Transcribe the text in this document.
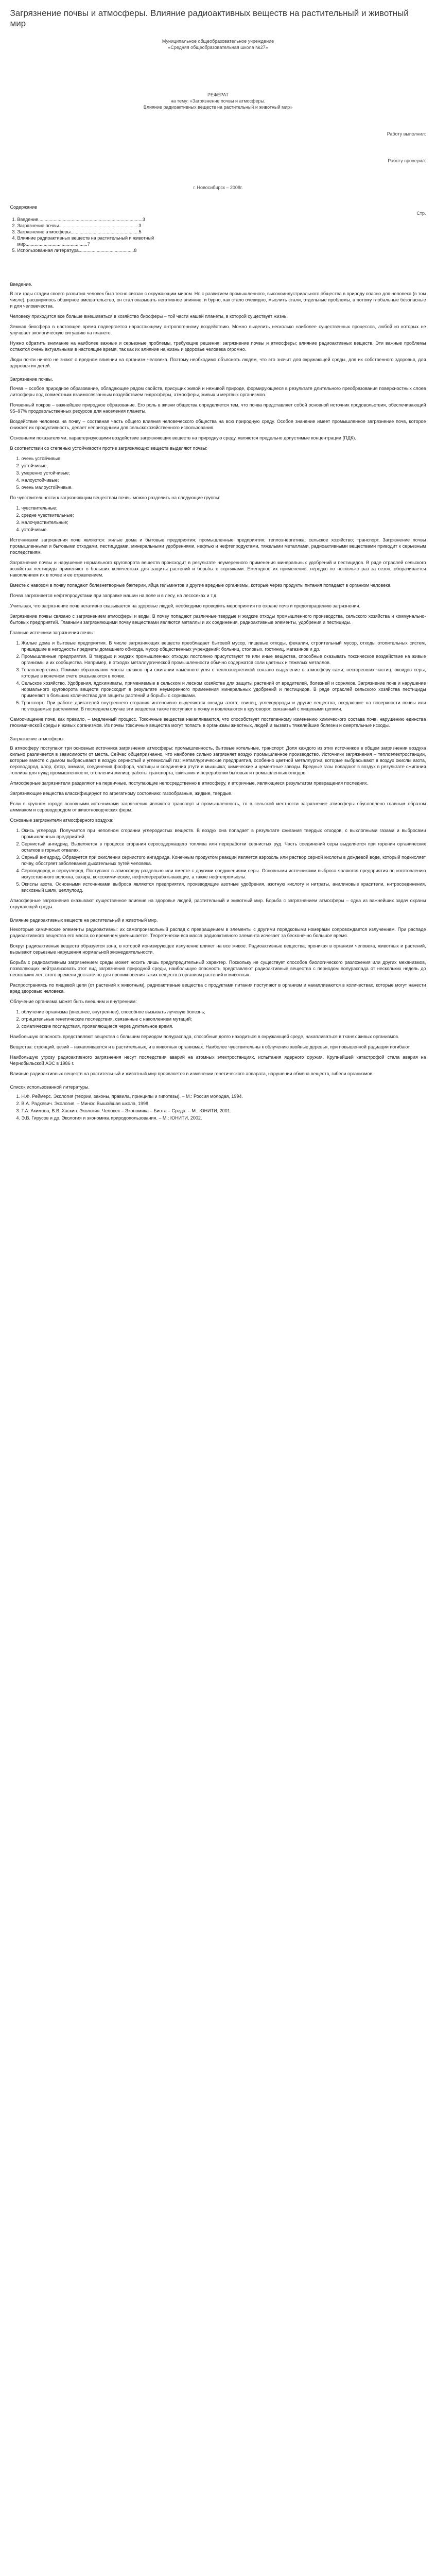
Загрязнение почвы и атмосферы. Влияние радиоактивных веществ на растительный и животный мир
Муниципальное общеобразовательное учреждение
«Средняя общеобразовательная школа №27»
РЕФЕРАТ
на тему: «Загрязнение почвы и атмосферы.
Влияние радиоактивных веществ на растительный и животный мир»
Работу выполнил:
Работу проверил:
г. Новосибирск – 2008г.
Содержание
Стр.
1. Введение.................................................................................3
2. Загрязнение почвы..............................................................3
3. Загрязнение атмосферы.....................................................5
4. Влияние радиоактивных веществ на растительный и животный мир................................................7
5. Использованная литература...........................................8
Введение.

В эти годы стадии своего развития человек был тесно связан с окружающим миром. Но с развитием промышленного, высокоиндустриального общества в природу опасно для человека (в том числе), расширилось обширное вмешательство, он стал оказывать негативное влияние, и бурно, как стало очевидно, мыслить стали, отдельные проблемы, а потому глобальные безопасные и для человечества.

Человеку приходится все больше вмешиваться в хозяйство биосферы – той части нашей планеты, в которой существует жизнь.

Земная биосфера в настоящее время подвергается нарастающему антропогенному воздействию. Можно выделить несколько наиболее существенных процессов, любой из которых не улучшает экологическую ситуацию на планете.

Нужно обратить внимание на наиболее важные и серьезные проблемы, требующие решения: загрязнение почвы и атмосферы; влияние радиоактивных веществ. Эти важные проблемы остаются очень актуальными в настоящее время, так как их влияние на жизнь и здоровье человека огромно.

Люди почти ничего не знают о вредном влиянии на организм человека. Поэтому необходимо объяснять людям, что это значит для окружающей среды, для их собственного здоровья, для здоровья их детей.

Загрязнение почвы.

Почва – особое природное образование, обладающее рядом свойств, присущих живой и неживой природе, формирующееся в результате длительного преобразования поверхностных слоев литосферы под совместным взаимосвязанным воздействием гидросферы, атмосферы, живых и мертвых организмов.

Почвенный покров – важнейшее природное образование. Его роль в жизни общества определяется тем, что почва представляет собой основной источник продовольствия, обеспечивающий 95–97% продовольственных ресурсов для населения планеты.

Воздействие человека на почву – составная часть общего влияния человеческого общества на всю природную среду. Особое значение имеет промышленное загрязнение почв, которое снижает их продуктивность, делает непригодными для сельскохозяйственного использования.

Основными показателями, характеризующими воздействие загрязняющих веществ на природную среду, являются предельно допустимые концентрации (ПДК).

В соответствии со степенью устойчивости против загрязняющих веществ выделяют почвы:

1. очень устойчивые;
2. устойчивые;
3. умеренно устойчивые;
4. малоустойчивые;
5. очень малоустойчивые.

По чувствительности к загрязняющим веществам почвы можно разделить на следующие группы:

1. чувствительные;
2. средне чувствительные;
3. малочувствительные;
4. устойчивые.

Источниками загрязнения почв являются: жилые дома и бытовые предприятия; промышленные предприятия; теплоэнергетика; сельское хозяйство; транспорт. Загрязнение почвы промышленными и бытовыми отходами, пестицидами, минеральными удобрениями, нефтью и нефтепродуктами, тяжелыми металлами, радиоактивными веществами приводит к серьезным последствиям.

Загрязнение почвы и нарушение нормального круговорота веществ происходит в результате неумеренного применения минеральных удобрений и пестицидов. В ряде отраслей сельского хозяйства пестициды применяют в больших количествах для защиты растений и борьбы с сорняками. Ежегодное их применение, нередко по несколько раз за сезон, оборачивается накоплением их в почве и ее отравлением.

Вместе с навозом в почву попадают болезнетворные бактерии, яйца гельминтов и другие вредные организмы, которые через продукты питания попадают в организм человека.

Почва загрязняется нефтепродуктами при заправке машин на поле и в лесу, на лесосеках и т.д.

Учитывая, что загрязнение почв негативно сказывается на здоровье людей, необходимо проводить мероприятия по охране почв и предотвращению загрязнения.

Загрязнение почвы связано с загрязнением атмосферы и воды. В почву попадают различные твердые и жидкие отходы промышленного производства, сельского хозяйства и коммунально-бытовых предприятий. Главными загрязняющими почву веществами являются металлы и их соединения, радиоактивные элементы, удобрения и пестициды.

Главные источники загрязнения почвы:

1. Жилые дома и бытовые предприятия. В числе загрязняющих веществ преобладает бытовой мусор, пищевые отходы, фекалии, строительный мусор, отходы отопительных систем, пришедшие в негодность предметы домашнего обихода, мусор общественных учреждений: больниц, столовых, гостиниц, магазинов и др.
2. Промышленные предприятия. В твердых и жидких промышленных отходах постоянно присутствуют те или иные вещества, способные оказывать токсическое воздействие на живые организмы и их сообщества. Например, в отходах металлургической промышленности обычно содержатся соли цветных и тяжелых металлов.
3. Теплоэнергетика. Помимо образования массы шлаков при сжигании каменного угля с теплоэнергетикой связано выделение в атмосферу сажи, несгоревших частиц, оксидов серы, которые в конечном счете оказываются в почве.
4. Сельское хозяйство. Удобрения, ядохимикаты, применяемые в сельском и лесном хозяйстве для защиты растений от вредителей, болезней и сорняков. Загрязнение почв и нарушение нормального круговорота веществ происходит в результате неумеренного применения минеральных удобрений и пестицидов. В ряде отраслей сельского хозяйства пестициды применяют в больших количествах для защиты растений и борьбы с сорняками.
5. Транспорт. При работе двигателей внутреннего сгорания интенсивно выделяются оксиды азота, свинец, углеводороды и другие вещества, оседающие на поверхности почвы или поглощаемые растениями. В последнем случае эти вещества также поступают в почву и вовлекаются в круговорот, связанный с пищевыми цепями.

Самоочищение почв, как правило, – медленный процесс. Токсичные вещества накапливаются, что способствует постепенному изменению химического состава почв, нарушению единства геохимической среды и живых организмов. Из почвы токсичные вещества могут попасть в организмы животных, людей и вызвать тяжелейшие болезни и смертельные исходы.

Загрязнение атмосферы.

В атмосферу поступают три основных источника загрязнения атмосферы: промышленность, бытовые котельные, транспорт. Доля каждого из этих источников в общем загрязнении воздуха сильно различается в зависимости от места. Сейчас общепризнанно, что наиболее сильно загрязняет воздух промышленное производство. Источники загрязнения – теплоэлектростанции, которые вместе с дымом выбрасывают в воздух сернистый и углекислый газ; металлургические предприятия, особенно цветной металлургии, которые выбрасывают в воздух окислы азота, сероводород, хлор, фтор, аммиак, соединения фосфора, частицы и соединения ртути и мышьяка; химические и цементные заводы. Вредные газы попадают в воздух в результате сжигания топлива для нужд промышленности, отопления жилищ, работы транспорта, сжигания и переработки бытовых и промышленных отходов.

Атмосферные загрязнители разделяют на первичные, поступающие непосредственно в атмосферу, и вторичные, являющиеся результатом превращения последних.

Загрязняющие вещества классифицируют по агрегатному состоянию: газообразные, жидкие, твердые.

Если в крупном городе основными источниками загрязнения являются транспорт и промышленность, то в сельской местности загрязнение атмосферы обусловлено главным образом аммиаком и сероводородом от животноводческих ферм.

Основные загрязнители атмосферного воздуха:

1. Окись углерода. Получается при неполном сгорании углеродистых веществ. В воздух она попадает в результате сжигания твердых отходов, с выхлопными газами и выбросами промышленных предприятий.
2. Сернистый ангидрид. Выделяется в процессе сгорания серосодержащего топлива или переработки сернистых руд. Часть соединений серы выделяется при горении органических остатков в горных отвалах.
3. Серный ангидрид. Образуется при окислении сернистого ангидрида. Конечным продуктом реакции является аэрозоль или раствор серной кислоты в дождевой воде, который подкисляет почву, обостряет заболевания дыхательных путей человека.
4. Сероводород и сероуглерод. Поступают в атмосферу раздельно или вместе с другими соединениями серы. Основными источниками выброса являются предприятия по изготовлению искусственного волокна, сахара, коксохимические, нефтеперерабатывающие, а также нефтепромыслы.
5. Окислы азота. Основными источниками выброса являются предприятия, производящие азотные удобрения, азотную кислоту и нитраты, анилиновые красители, нитросоединения, вискозный шелк, целлулоид.

Атмосферные загрязнения оказывают существенное влияние на здоровье людей, растительный и животный мир. Борьба с загрязнением атмосферы – одна из важнейших задач охраны окружающей среды.

Влияние радиоактивных веществ на растительный и животный мир.

Некоторые химические элементы радиоактивны: их самопроизвольный распад с превращением в элементы с другими порядковыми номерами сопровождается излучением. При распаде радиоактивного вещества его масса со временем уменьшается. Теоретически вся масса радиоактивного элемента исчезает за бесконечно большое время.

Вокруг радиоактивных веществ образуется зона, в которой ионизирующее излучение влияет на все живое. Радиоактивные вещества, проникая в организм человека, животных и растений, вызывают серьезные нарушения нормальной жизнедеятельности.

Борьба с радиоактивным загрязнением среды может носить лишь предупредительный характер. Поскольку не существует способов биологического разложения или других механизмов, позволяющих нейтрализовать этот вид загрязнения природной среды, наибольшую опасность представляют радиоактивные вещества с периодом полураспада от нескольких недель до нескольких лет: этого времени достаточно для проникновения таких веществ в организм растений и животных.

Распространяясь по пищевой цепи (от растений к животным), радиоактивные вещества с продуктами питания поступают в организм и накапливаются в количествах, которые могут нанести вред здоровью человека.

Облучение организма может быть внешним и внутренним:

1. облучение организма (внешнее, внутреннее), способное вызывать лучевую болезнь;
2. отрицательные генетические последствия, связанные с накоплением мутаций;
3. соматические последствия, проявляющиеся через длительное время.

Наибольшую опасность представляют вещества с большим периодом полураспада, способные долго находиться в окружающей среде, накапливаться в тканях живых организмов.

Вещества: стронций, цезий – накапливаются и в растительных, и в животных организмах. Наиболее чувствительны к облучению хвойные деревья, при повышенной радиации погибают.

Наибольшую угрозу радиоактивного загрязнения несут последствия аварий на атомных электростанциях, испытания ядерного оружия. Крупнейшей катастрофой стала авария на Чернобыльской АЭС в 1986 г.

Влияние радиоактивных веществ на растительный и животный мир проявляется в изменении генетического аппарата, нарушении обмена веществ, гибели организмов.

Список использованной литературы.
1. Н.Ф. Реймерс. Экология (теории, законы, правила, принципы и гипотезы). – М.: Россия молодая, 1994.
2. В.А. Радкевич. Экология. – Минск: Вышэйшая школа, 1998.
3. Т.А. Акимова, В.В. Хаскин. Экология. Человек – Экономика – Биота – Среда. – М.: ЮНИТИ, 2001.
4. Э.В. Гирусов и др. Экология и экономика природопользования. – М.: ЮНИТИ, 2002.
